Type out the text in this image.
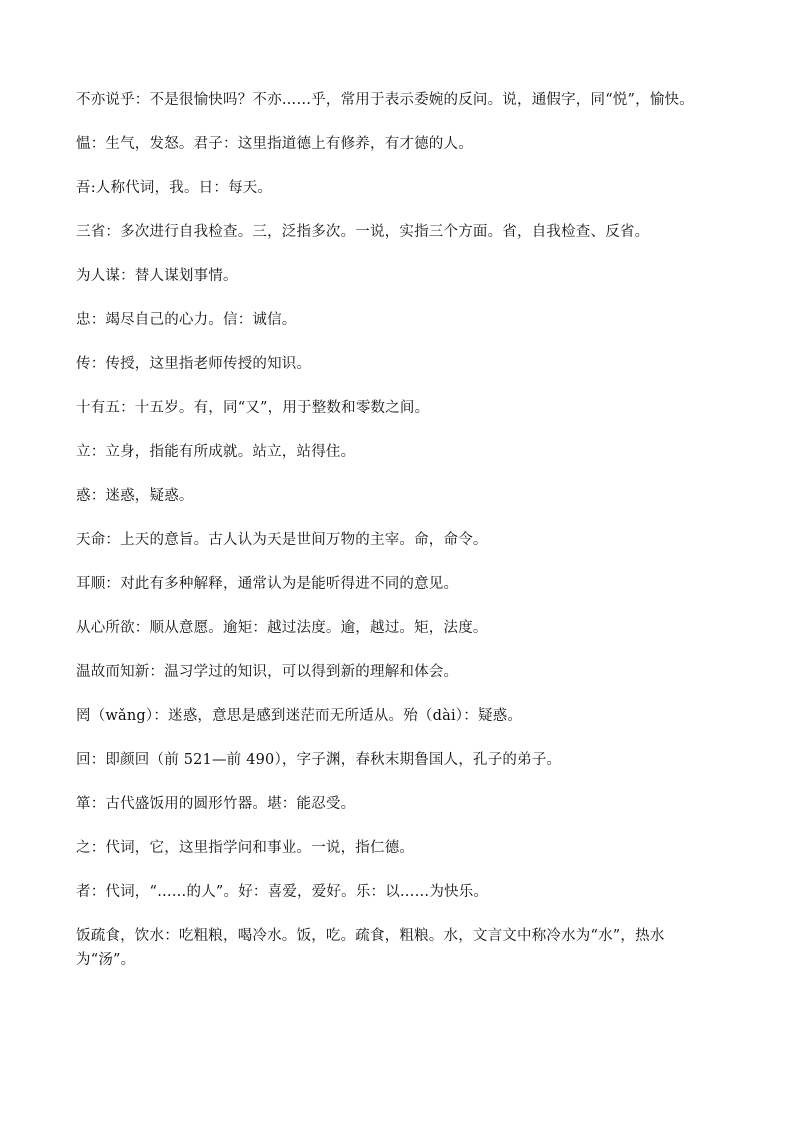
不亦说乎：不是很愉快吗？不亦……乎，常用于表示委婉的反问。说，通假字，同“悦”，愉快。

愠：生气，发怒。君子：这里指道德上有修养，有才德的人。

吾:人称代词，我。日：每天。

三省：多次进行自我检查。三，泛指多次。一说，实指三个方面。省，自我检查、反省。

为人谋：替人谋划事情。

忠：竭尽自己的心力。信：诚信。

传：传授，这里指老师传授的知识。

十有五：十五岁。有，同“又”，用于整数和零数之间。

立：立身，指能有所成就。站立，站得住。

惑：迷惑，疑惑。

天命：上天的意旨。古人认为天是世间万物的主宰。命，命令。

耳顺：对此有多种解释，通常认为是能听得进不同的意见。

从心所欲：顺从意愿。逾矩：越过法度。逾，越过。矩，法度。

温故而知新：温习学过的知识，可以得到新的理解和体会。

罔（wǎng）：迷惑，意思是感到迷茫而无所适从。殆（dài）：疑惑。

回：即颜回（前 521—前 490），字子渊，春秋末期鲁国人，孔子的弟子。

箪：古代盛饭用的圆形竹器。堪：能忍受。

之：代词，它，这里指学问和事业。一说，指仁德。

者：代词，“……的人”。好：喜爱，爱好。乐：以……为快乐。

饭疏食，饮水：吃粗粮，喝冷水。饭，吃。疏食，粗粮。水，文言文中称冷水为“水”，热水为“汤”。
